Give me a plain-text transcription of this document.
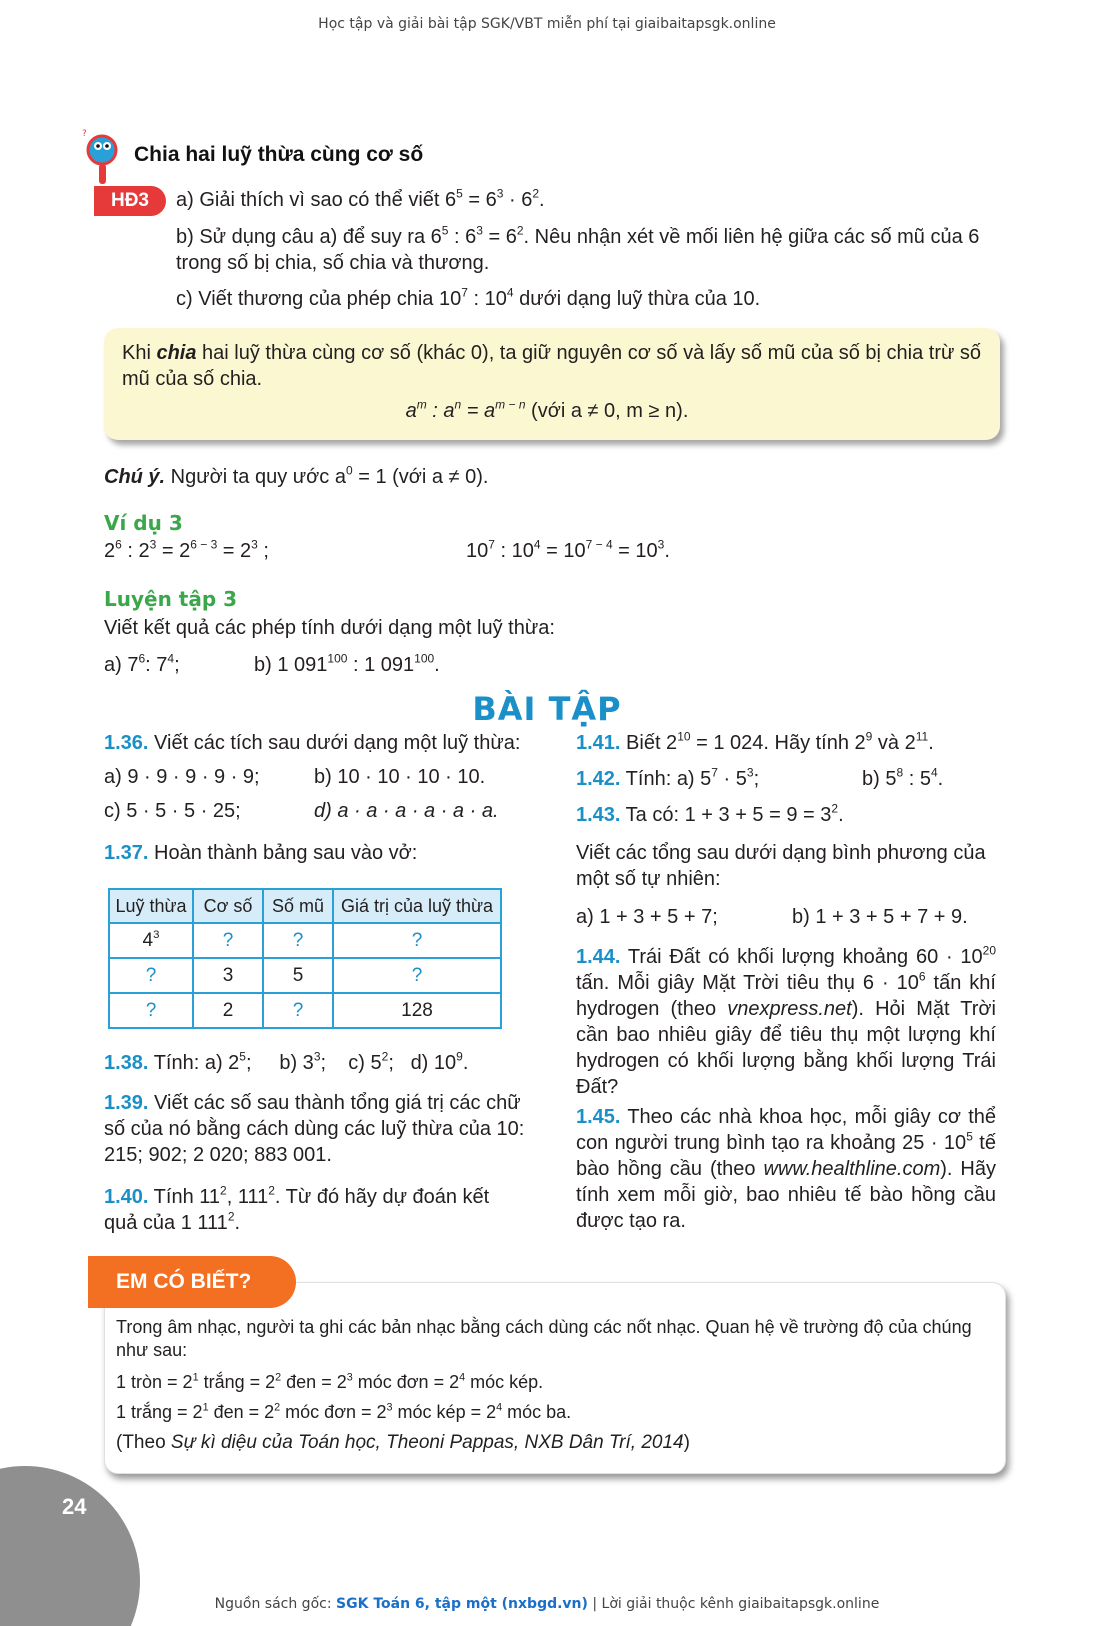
Học tập và giải bài tập SGK/VBT miễn phí tại giaibaitapsgk.online
?
Chia hai luỹ thừa cùng cơ số
HĐ3	a) Giải thích vì sao có thể viết $6^5 = 6^3 \cdot 6^2$.
b) Sử dụng câu a) để suy ra $6^5$ : $6^3 = 6^2$. Nêu nhận xét về mối liên hệ giữa các số mũ của 6 trong số bị chia, số chia và thương.
c) Viết thương của phép chia $10^7$ : $10^4$ dưới dạng luỹ thừa của 10.
Khi chia hai luỹ thừa cùng cơ số (khác 0), ta giữ nguyên cơ số và lấy số mũ của số bị chia trừ số mũ của số chia.
$a^m$ : $a^n = a^{m - n}$ (với a ≠ 0, m ≥ n).
Chú ý. Người ta quy ước $a^0 = 1$ (với a ≠ 0).
Ví dụ 3
$2^6$ : $2^3 = 2^{6 - 3} = 2^3$ ;	$10^7$ : $10^4 = 10^{7 - 4} = 10^3$.
Luyện tập 3
Viết kết quả các phép tính dưới dạng một luỹ thừa:
a) $7^6$: $7^4$;	b) 1 $091^{100}$ : 1 $091^{100}$.
BÀI TẬP
1.36. Viết các tích sau dưới dạng một luỹ thừa:
a) 9 · 9 · 9 · 9 · 9;	b) 10 · 10 · 10 · 10.
c) 5 · 5 · 5 · 25;	d) a · a · a · a · a · a.
1.37. Hoàn thành bảng sau vào vở:
Luỹ thừa	Cơ số	Số mũ	Giá trị của luỹ thừa
$4^3$	?	?	?
?	3	5	?
?	2	?	128
1.38. Tính: a) $2^5$; b) $3^3$; c) $5^2$; d) $10^9$.
1.39. Viết các số sau thành tổng giá trị các chữ số của nó bằng cách dùng các luỹ thừa của 10: 215; 902; 2 020; 883 001.
1.40. Tính $11^2$, $111^2$. Từ đó hãy dự đoán kết quả của 1 $111^2$.
1.41. Biết $2^{10} = 1$ 024. Hãy tính $2^9$ và $2^{11}$.
1.42. Tính: a) $5^7 \cdot 5^3$;	b) $5^8$ : $5^4$.
1.43. Ta có: $1 + 3 + 5 = 9 = 3^2$.
Viết các tổng sau dưới dạng bình phương của một số tự nhiên:
a) 1 + 3 + 5 + 7;	b) 1 + 3 + 5 + 7 + 9.
1.44. Trái Đất có khối lượng khoảng $60 \cdot 10^{20}$ tấn. Mỗi giây Mặt Trời tiêu thụ $6 \cdot 10^6$ tấn khí hydrogen (theo vnexpress.net). Hỏi Mặt Trời cần bao nhiêu giây để tiêu thụ một lượng khí hydrogen có khối lượng bằng khối lượng Trái Đất?
1.45. Theo các nhà khoa học, mỗi giây cơ thể con người trung bình tạo ra khoảng $25 \cdot 10^5$ tế bào hồng cầu (theo www.healthline.com). Hãy tính xem mỗi giờ, bao nhiêu tế bào hồng cầu được tạo ra.
EM CÓ BIẾT?
Trong âm nhạc, người ta ghi các bản nhạc bằng cách dùng các nốt nhạc. Quan hệ về trường độ của chúng như sau:
1 tròn = $2^1$ trắng = $2^2$ đen = $2^3$ móc đơn = $2^4$ móc kép.
1 trắng = $2^1$ đen = $2^2$ móc đơn = $2^3$ móc kép = $2^4$ móc ba.
(Theo Sự kì diệu của Toán học, Theoni Pappas, NXB Dân Trí, 2014)
24
Nguồn sách gốc: SGK Toán 6, tập một (nxbgd.vn) | Lời giải thuộc kênh giaibaitapsgk.online
